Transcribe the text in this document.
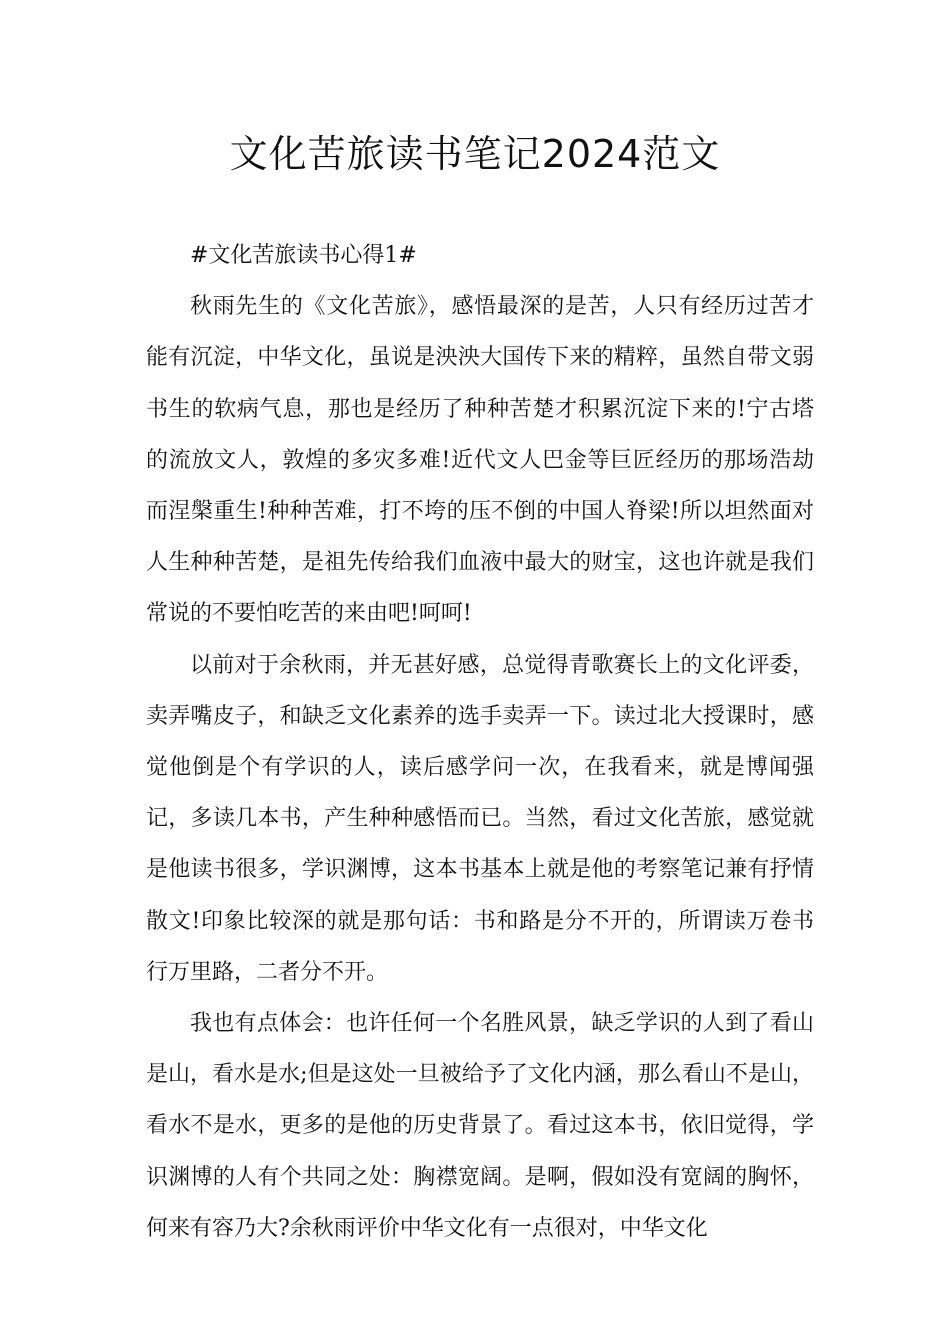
文化苦旅读书笔记2024范文

#文化苦旅读书心得1#

秋雨先生的《文化苦旅》，感悟最深的是苦，人只有经历过苦才能有沉淀，中华文化，虽说是泱泱大国传下来的精粹，虽然自带文弱书生的软病气息，那也是经历了种种苦楚才积累沉淀下来的!宁古塔的流放文人，敦煌的多灾多难!近代文人巴金等巨匠经历的那场浩劫而涅槃重生!种种苦难，打不垮的压不倒的中国人脊梁!所以坦然面对人生种种苦楚，是祖先传给我们血液中最大的财宝，这也许就是我们常说的不要怕吃苦的来由吧!呵呵!

以前对于余秋雨，并无甚好感，总觉得青歌赛长上的文化评委，卖弄嘴皮子，和缺乏文化素养的选手卖弄一下。读过北大授课时，感觉他倒是个有学识的人，读后感学问一次，在我看来，就是博闻强记，多读几本书，产生种种感悟而已。当然，看过文化苦旅，感觉就是他读书很多，学识渊博，这本书基本上就是他的考察笔记兼有抒情散文!印象比较深的就是那句话：书和路是分不开的，所谓读万卷书行万里路，二者分不开。

我也有点体会：也许任何一个名胜风景，缺乏学识的人到了看山是山，看水是水;但是这处一旦被给予了文化内涵，那么看山不是山，看水不是水，更多的是他的历史背景了。看过这本书，依旧觉得，学识渊博的人有个共同之处：胸襟宽阔。是啊，假如没有宽阔的胸怀，何来有容乃大?余秋雨评价中华文化有一点很对，中华文化
